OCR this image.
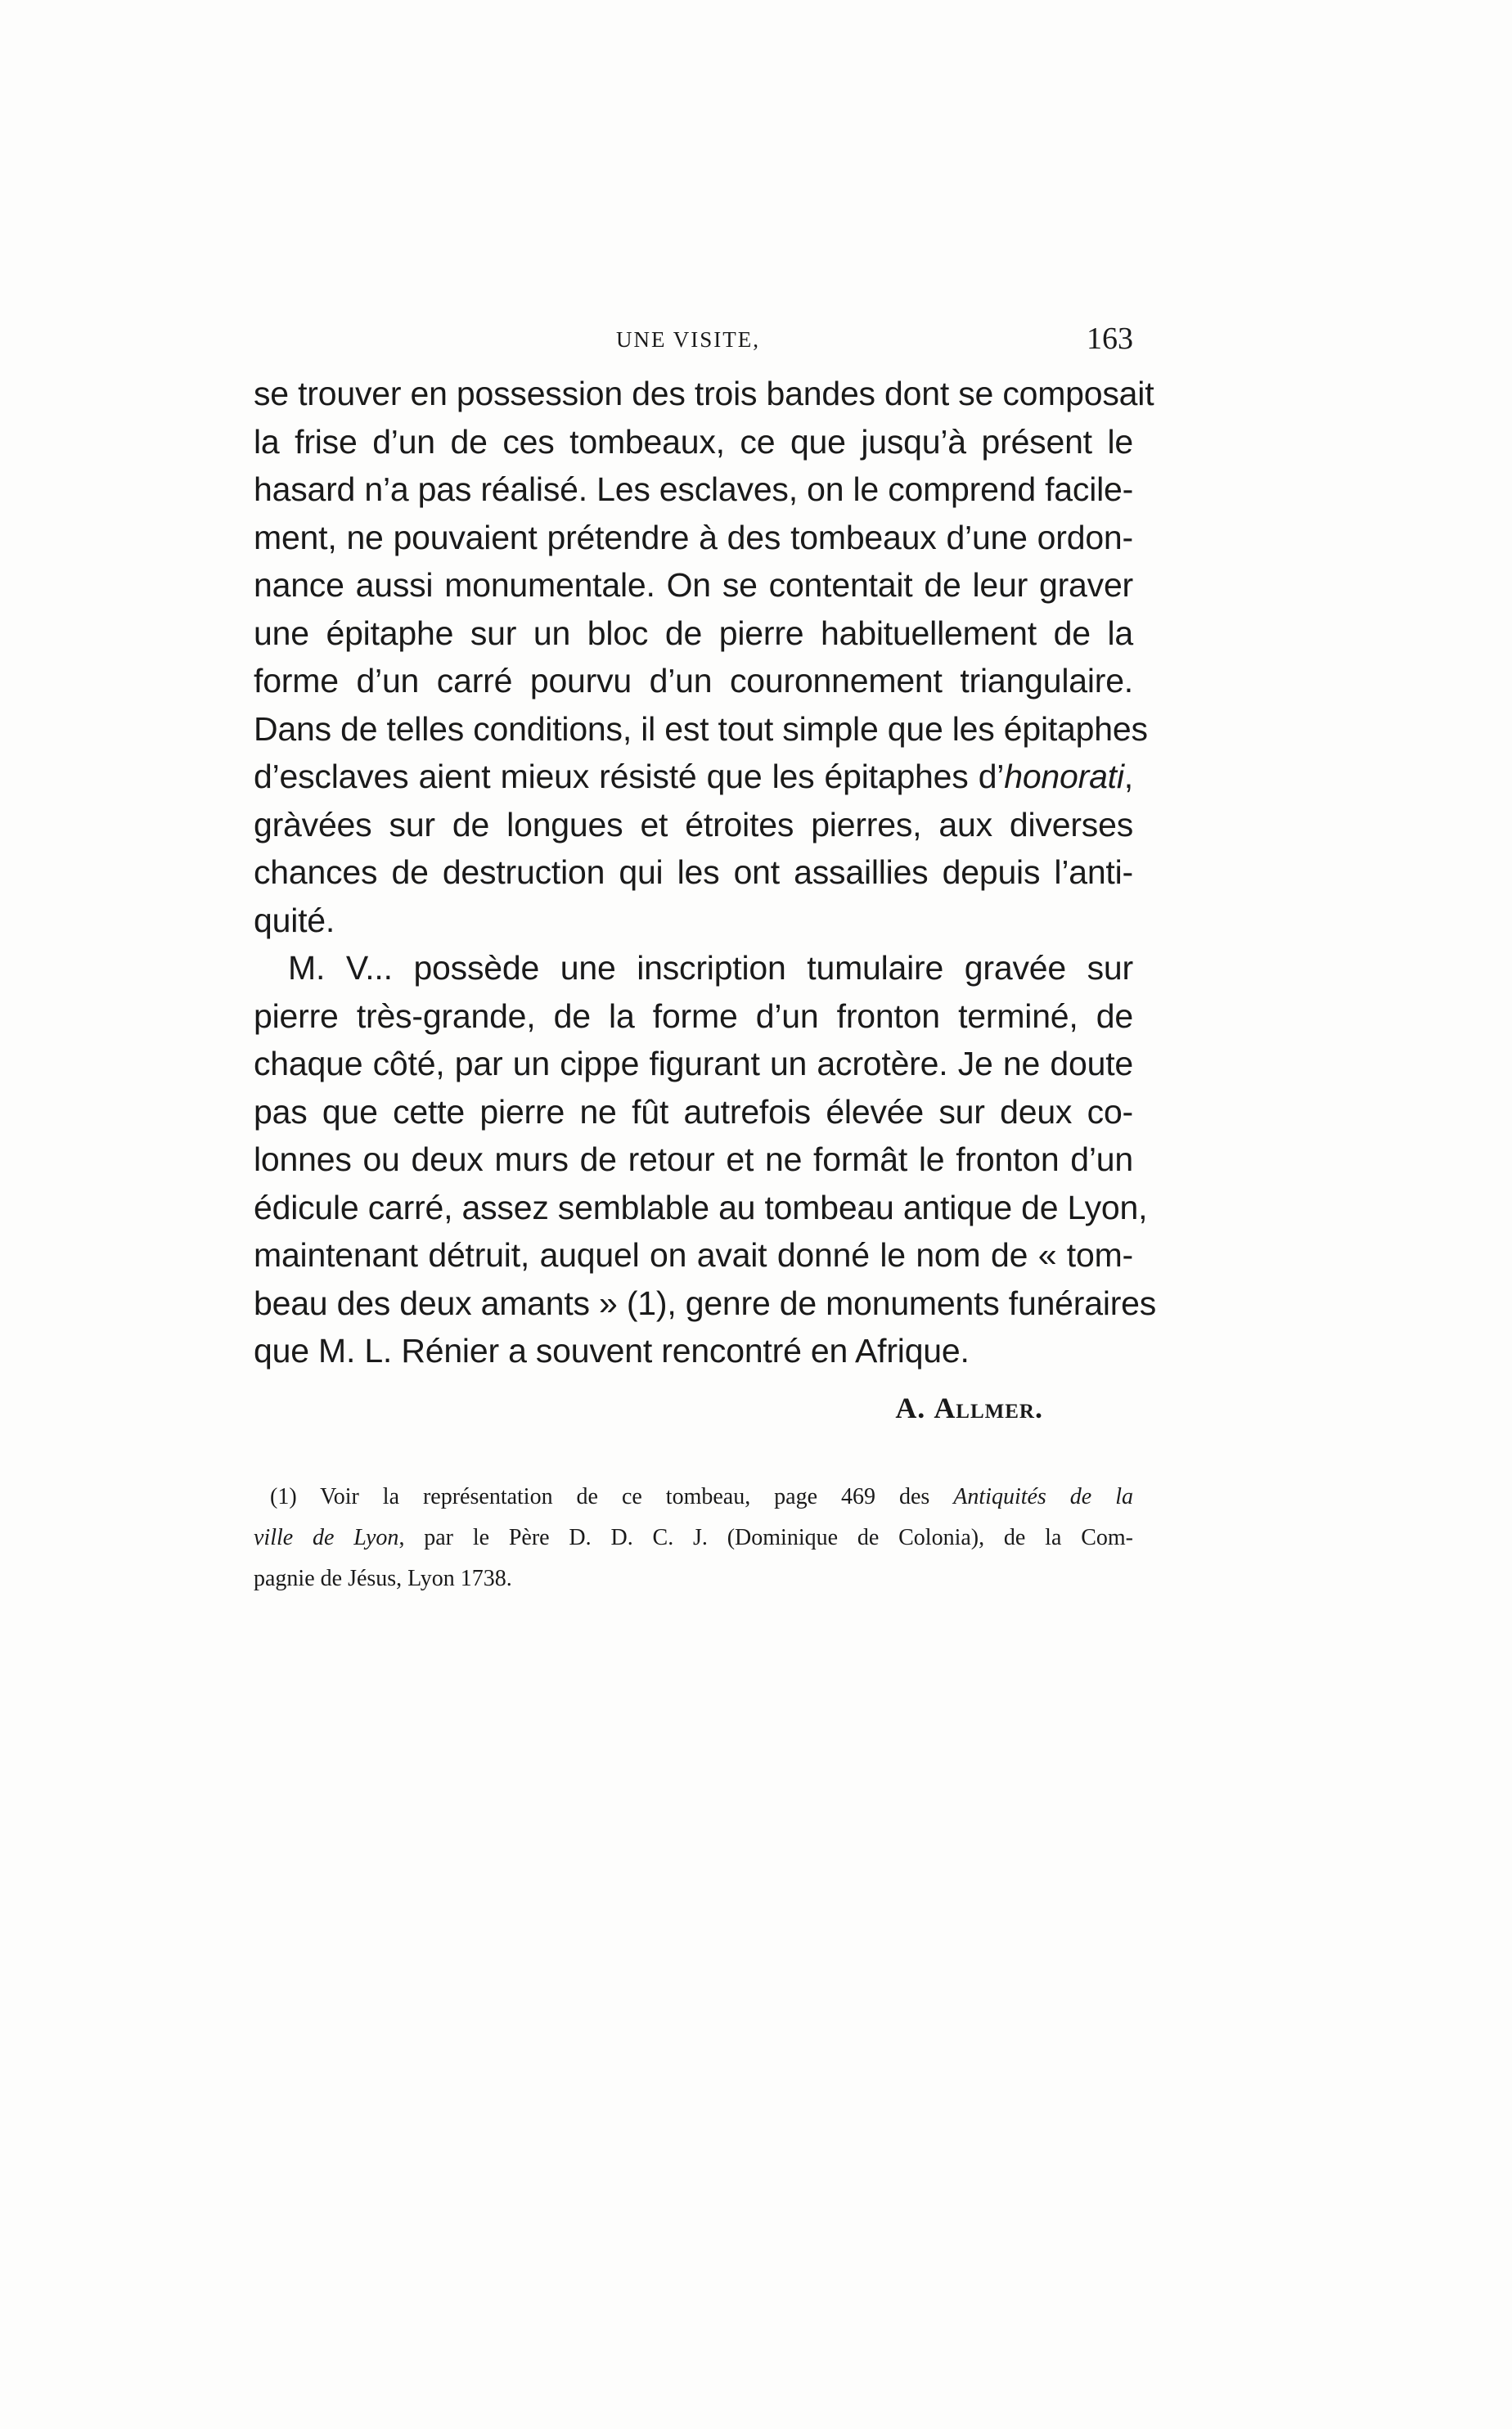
UNE VISITE,	163
se trouver en possession des trois bandes dont se composait
la frise d’un de ces tombeaux, ce que jusqu’à présent le
hasard n’a pas réalisé. Les esclaves, on le comprend facile-
ment, ne pouvaient prétendre à des tombeaux d’une ordon-
nance aussi monumentale. On se contentait de leur graver
une épitaphe sur un bloc de pierre habituellement de la
forme d’un carré pourvu d’un couronnement triangulaire.
Dans de telles conditions, il est tout simple que les épitaphes
d’esclaves aient mieux résisté que les épitaphes d’honorati,
gràvées sur de longues et étroites pierres, aux diverses
chances de destruction qui les ont assaillies depuis l’anti-
quité.
M. V... possède une inscription tumulaire gravée sur
pierre très-grande, de la forme d’un fronton terminé, de
chaque côté, par un cippe figurant un acrotère. Je ne doute
pas que cette pierre ne fût autrefois élevée sur deux co-
lonnes ou deux murs de retour et ne formât le fronton d’un
édicule carré, assez semblable au tombeau antique de Lyon,
maintenant détruit, auquel on avait donné le nom de « tom-
beau des deux amants » (1), genre de monuments funéraires
que M. L. Rénier a souvent rencontré en Afrique.
A. Allmer.
(1) Voir la représentation de ce tombeau, page 469 des Antiquités de la
ville de Lyon, par le Père D. D. C. J. (Dominique de Colonia), de la Com-
pagnie de Jésus, Lyon 1738.
